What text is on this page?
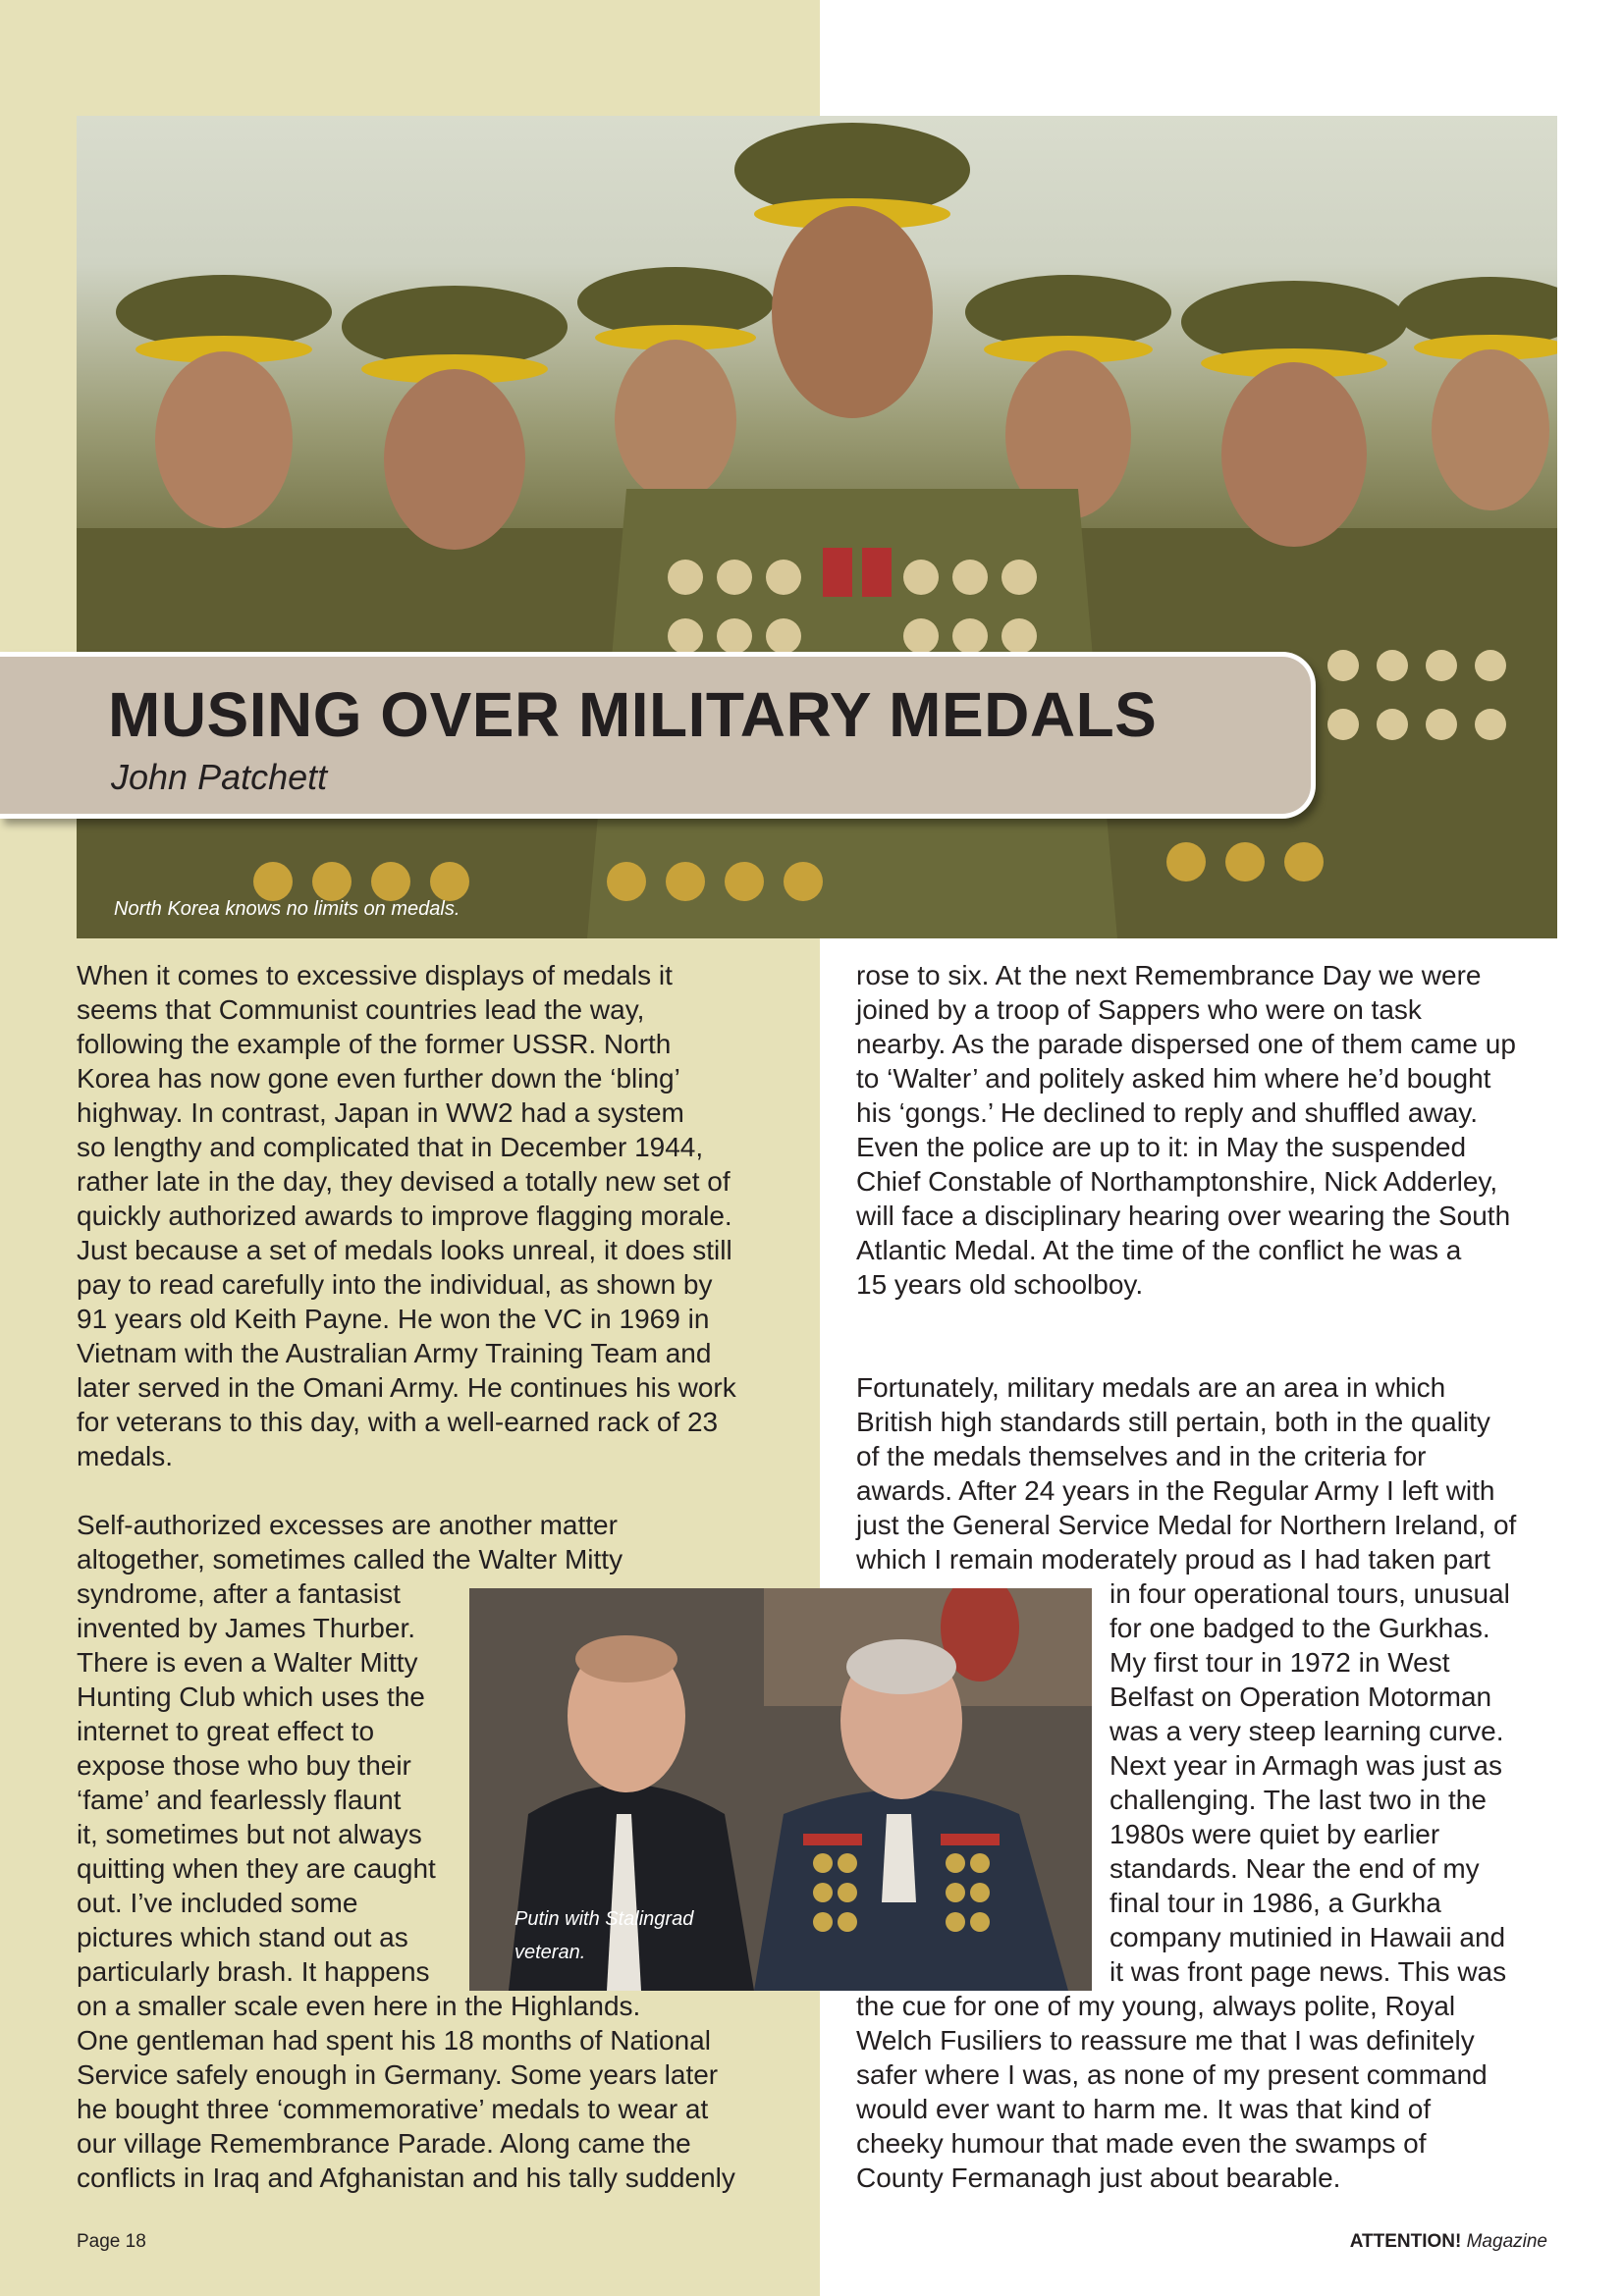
North Korea knows no limits on medals.
MUSING OVER MILITARY MEDALS
John Patchett
When it comes to excessive displays of medals it
seems that Communist countries lead the way,
following the example of the former USSR. North
Korea has now gone even further down the ‘bling’
highway. In contrast, Japan in WW2 had a system
so lengthy and complicated that in December 1944,
rather late in the day, they devised a totally new set of
quickly authorized awards to improve flagging morale.
Just because a set of medals looks unreal, it does still
pay to read carefully into the individual, as shown by
91 years old Keith Payne. He won the VC in 1969 in
Vietnam with the Australian Army Training Team and
later served in the Omani Army. He continues his work
for veterans to this day, with a well-earned rack of 23
medals.
Self-authorized excesses are another matter
altogether, sometimes called the Walter Mitty
syndrome, after a fantasist
invented by James Thurber.
There is even a Walter Mitty
Hunting Club which uses the
internet to great effect to
expose those who buy their
‘fame’ and fearlessly flaunt
it, sometimes but not always
quitting when they are caught
out. I’ve included some
pictures which stand out as
particularly brash. It happens
on a smaller scale even here in the Highlands.
One gentleman had spent his 18 months of National
Service safely enough in Germany. Some years later
he bought three ‘commemorative’ medals to wear at
our village Remembrance Parade. Along came the
conflicts in Iraq and Afghanistan and his tally suddenly
rose to six. At the next Remembrance Day we were
joined by a troop of Sappers who were on task
nearby. As the parade dispersed one of them came up
to ‘Walter’ and politely asked him where he’d bought
his ‘gongs.’ He declined to reply and shuffled away.
Even the police are up to it: in May the suspended
Chief Constable of Northamptonshire, Nick Adderley,
will face a disciplinary hearing over wearing the South
Atlantic Medal. At the time of the conflict he was a
15 years old schoolboy.
Fortunately, military medals are an area in which
British high standards still pertain, both in the quality
of the medals themselves and in the criteria for
awards. After 24 years in the Regular Army I left with
just the General Service Medal for Northern Ireland, of
which I remain moderately proud as I had taken part
in four operational tours, unusual
for one badged to the Gurkhas.
My first tour in 1972 in West
Belfast on Operation Motorman
was a very steep learning curve.
Next year in Armagh was just as
challenging. The last two in the
1980s were quiet by earlier
standards. Near the end of my
final tour in 1986, a Gurkha
company mutinied in Hawaii and
it was front page news. This was
the cue for one of my young, always polite, Royal
Welch Fusiliers to reassure me that I was definitely
safer where I was, as none of my present command
would ever want to harm me. It was that kind of
cheeky humour that made even the swamps of
County Fermanagh just about bearable.
Putin with Stalingrad
veteran.
Page 18	ATTENTION! Magazine
